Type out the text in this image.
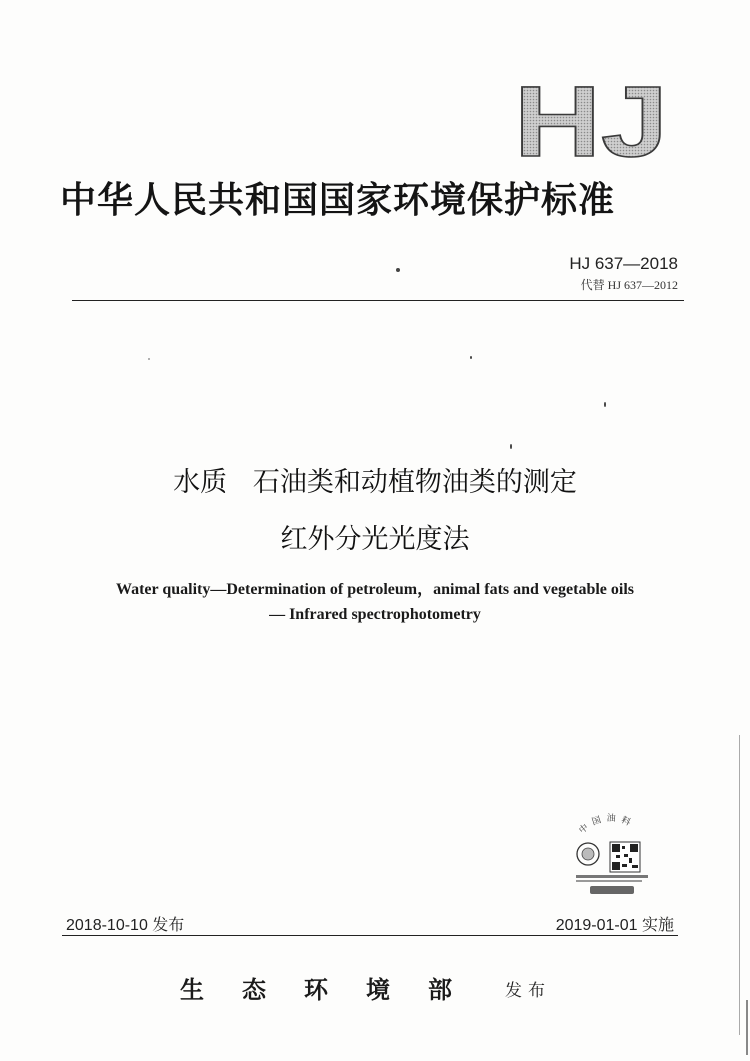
HJ
中华人民共和国国家环境保护标准
HJ 637—2018
代替 HJ 637—2012
水质   石油类和动植物油类的测定
红外分光光度法
Water quality—Determination of petroleum，animal fats and vegetable oils
— Infrared spectrophotometry
中国油料
2018-10-10 发布	2019-01-01 实施
生态环境部 发布
